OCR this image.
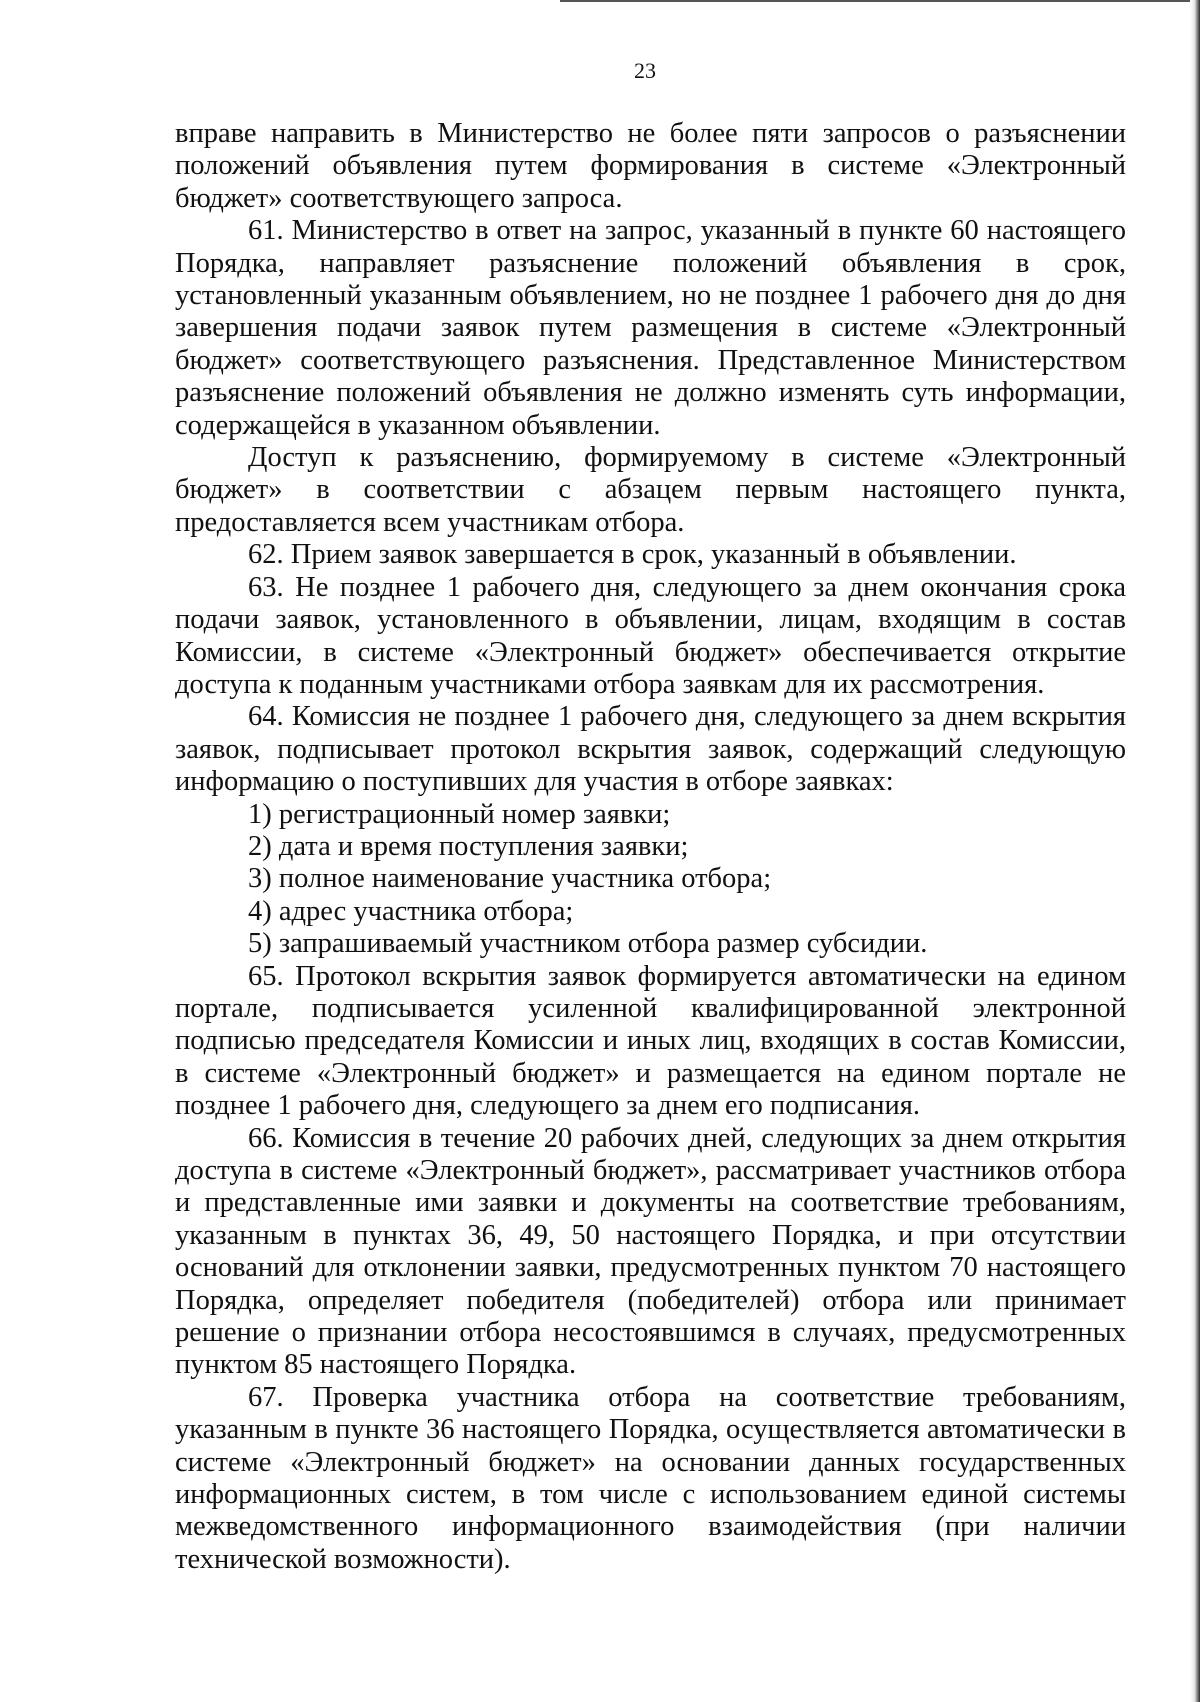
23

вправе направить в Министерство не более пяти запросов о разъяснении положений объявления путем формирования в системе «Электронный бюджет» соответствующего запроса.

61. Министерство в ответ на запрос, указанный в пункте 60 настоящего Порядка, направляет разъяснение положений объявления в срок, установленный указанным объявлением, но не позднее 1 рабочего дня до дня завершения подачи заявок путем размещения в системе «Электронный бюджет» соответствующего разъяснения. Представленное Министерством разъяснение положений объявления не должно изменять суть информации, содержащейся в указанном объявлении.

Доступ к разъяснению, формируемому в системе «Электронный бюджет» в соответствии с абзацем первым настоящего пункта, предоставляется всем участникам отбора.

62. Прием заявок завершается в срок, указанный в объявлении.

63. Не позднее 1 рабочего дня, следующего за днем окончания срока подачи заявок, установленного в объявлении, лицам, входящим в состав Комиссии, в системе «Электронный бюджет» обеспечивается открытие доступа к поданным участниками отбора заявкам для их рассмотрения.

64. Комиссия не позднее 1 рабочего дня, следующего за днем вскрытия заявок, подписывает протокол вскрытия заявок, содержащий следующую информацию о поступивших для участия в отборе заявках:

1) регистрационный номер заявки;

2) дата и время поступления заявки;

3) полное наименование участника отбора;

4) адрес участника отбора;

5) запрашиваемый участником отбора размер субсидии.

65. Протокол вскрытия заявок формируется автоматически на едином портале, подписывается усиленной квалифицированной электронной подписью председателя Комиссии и иных лиц, входящих в состав Комиссии, в системе «Электронный бюджет» и размещается на едином портале не позднее 1 рабочего дня, следующего за днем его подписания.

66. Комиссия в течение 20 рабочих дней, следующих за днем открытия доступа в системе «Электронный бюджет», рассматривает участников отбора и представленные ими заявки и документы на соответствие требованиям, указанным в пунктах 36, 49, 50 настоящего Порядка, и при отсутствии оснований для отклонении заявки, предусмотренных пунктом 70 настоящего Порядка, определяет победителя (победителей) отбора или принимает решение о признании отбора несостоявшимся в случаях, предусмотренных пунктом 85 настоящего Порядка.

67. Проверка участника отбора на соответствие требованиям, указанным в пункте 36 настоящего Порядка, осуществляется автоматически в системе «Электронный бюджет» на основании данных государственных информационных систем, в том числе с использованием единой системы межведомственного информационного взаимодействия (при наличии технической возможности).
